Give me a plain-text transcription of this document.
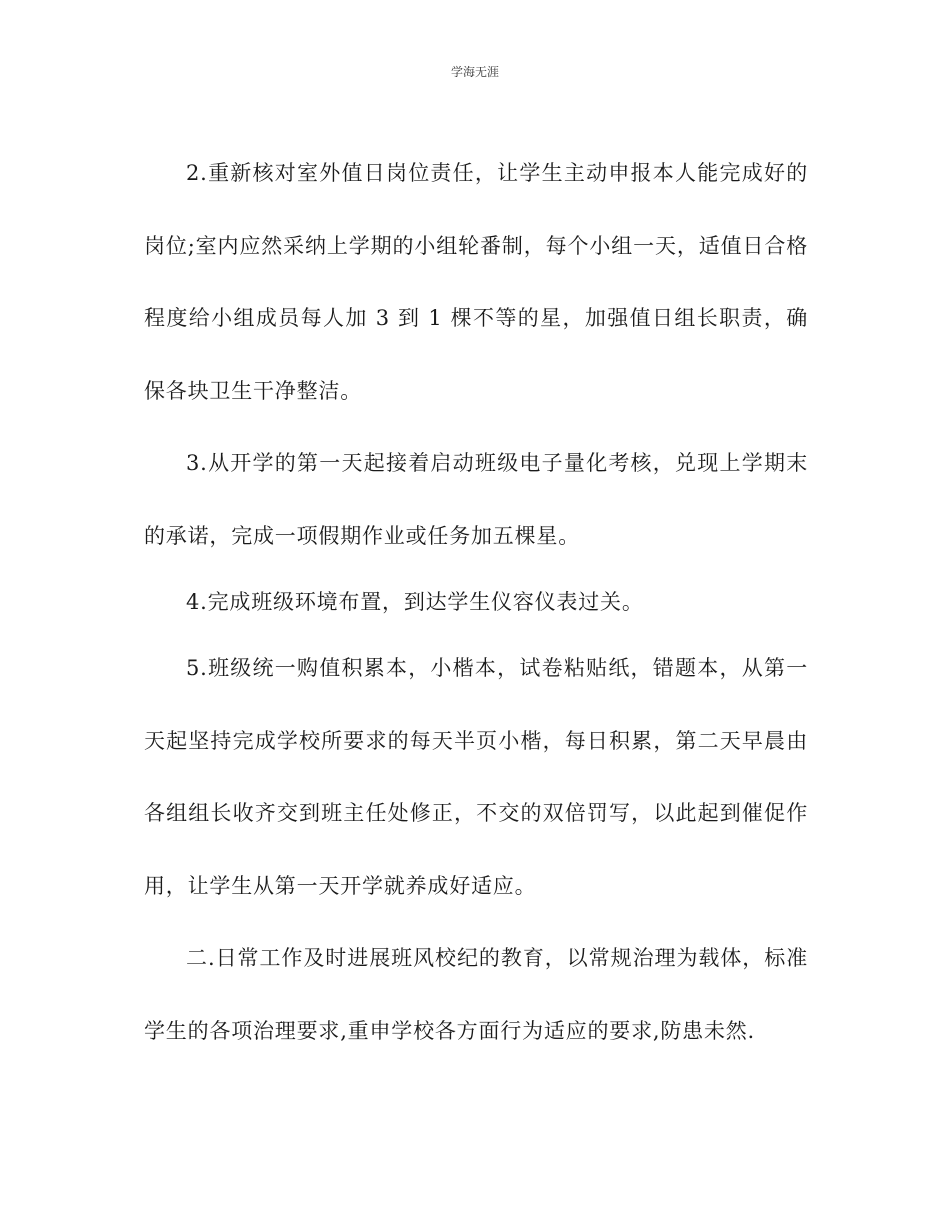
学海无涯

2.重新核对室外值日岗位责任，让学生主动申报本人能完成好的岗位;室内应然采纳上学期的小组轮番制，每个小组一天，适值日合格程度给小组成员每人加 3 到 1 棵不等的星，加强值日组长职责，确保各块卫生干净整洁。

3.从开学的第一天起接着启动班级电子量化考核，兑现上学期末的承诺，完成一项假期作业或任务加五棵星。

4.完成班级环境布置，到达学生仪容仪表过关。

5.班级统一购值积累本，小楷本，试卷粘贴纸，错题本，从第一天起坚持完成学校所要求的每天半页小楷，每日积累，第二天早晨由各组组长收齐交到班主任处修正，不交的双倍罚写，以此起到催促作用，让学生从第一天开学就养成好适应。

二.日常工作及时进展班风校纪的教育，以常规治理为载体，标准学生的各项治理要求,重申学校各方面行为适应的要求,防患未然.
